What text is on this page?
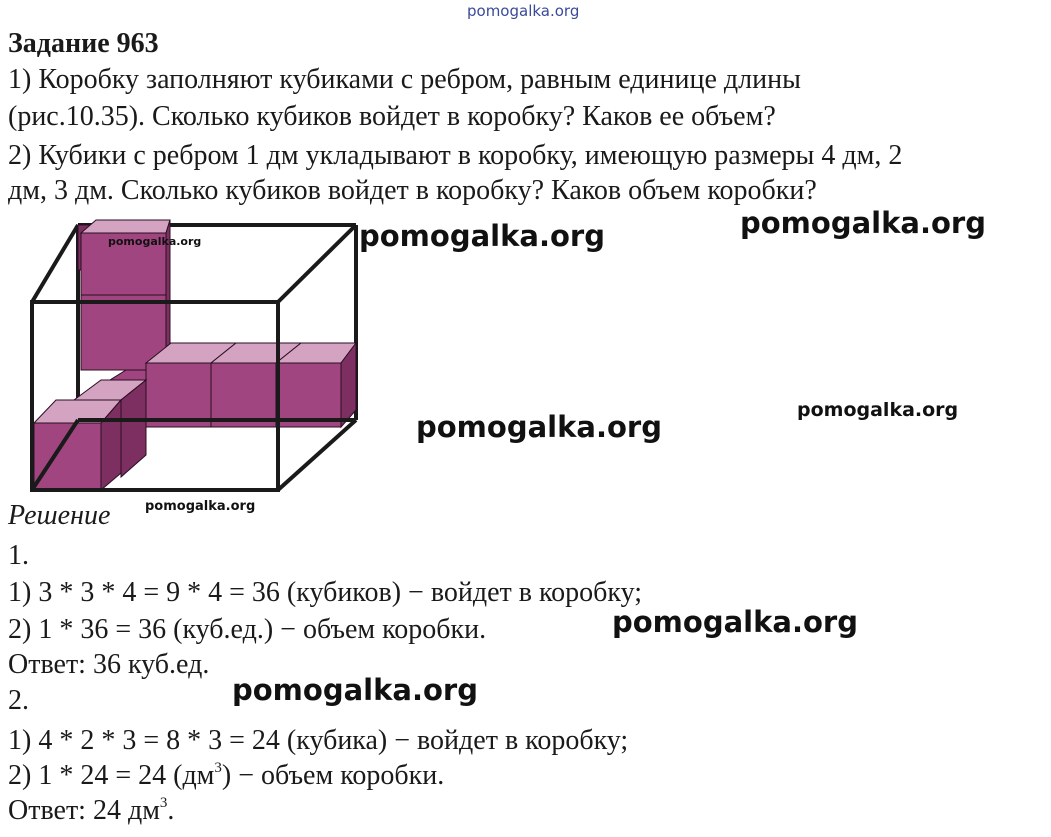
pomogalka.org
Задание 963
1) Коробку заполняют кубиками с ребром, равным единице длины
(рис.10.35). Сколько кубиков войдет в коробку? Каков ее объем?
2) Кубики с ребром 1 дм укладывают в коробку, имеющую размеры 4 дм, 2
дм, 3 дм. Сколько кубиков войдет в коробку? Каков объем коробки?
pomogalka.org	pomogalka.org	pomogalka.org
pomogalka.org
pomogalka.org
Решение	pomogalka.org
1.
1) 3 * 3 * 4 = 9 * 4 = 36 (кубиков) − войдет в коробку;
2) 1 * 36 = 36 (куб.ед.) − объем коробки.	pomogalka.org
Ответ: 36 куб.ед.
2.	pomogalka.org
1) 4 * 2 * 3 = 8 * 3 = 24 (кубика) − войдет в коробку;
2) 1 * 24 = 24 $(дм^3)$ − объем коробки.
Ответ: 24 $дм^3$.
